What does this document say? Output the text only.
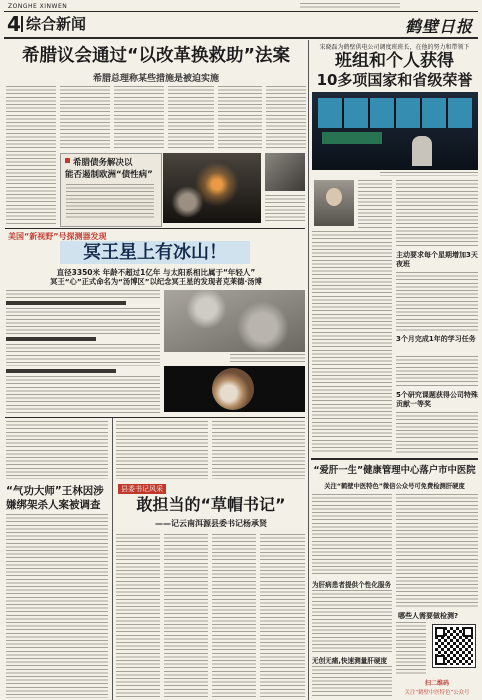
ZONGHE XINWEN
4 综合新闻	鹤壁日报
希腊议会通过“以改革换救助”法案
希腊总理称某些措施是被迫实施
希腊债务解决以
能否遏制欧洲“债性病”
美国“新视野”号探测器发现
冥王星上有冰山！
直径3350米 年龄不超过1亿年 与太阳系相比属于“年轻人”
冥王“心”正式命名为“汤博区”以纪念冥王星的发现者克莱德·汤博
“气功大师”王林因涉
嫌绑架杀人案被调查
县委书记风采
敢担当的“草帽书记”
——记云南洱源县委书记杨承贤
宋晓磊为鹤壁供电公司调度班班长，在他的努力和带领下
班组和个人获得
10多项国家和省级荣誉
主动要求每个星期增加3天夜班
3个月完成1年的学习任务
5个研究课题获得公司特殊贡献一等奖
“爱肝一生”健康管理中心落户市中医院
关注“鹤壁中医特色”微信公众号可免费检测肝硬度
为肝病患者提供个性化服务
无创无痛,快速测量肝硬度
哪些人需要做检测?
扫二维码
关注“鹤壁中医特色”公众号
